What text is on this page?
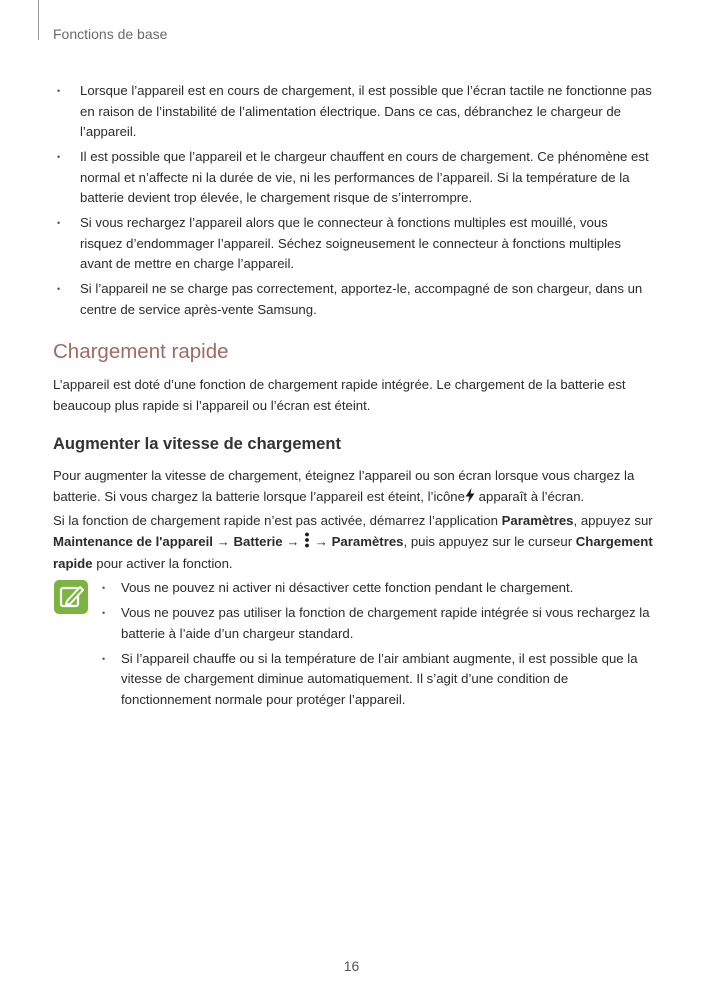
Fonctions de base
• Lorsque l’appareil est en cours de chargement, il est possible que l’écran tactile ne fonctionne pas en raison de l’instabilité de l’alimentation électrique. Dans ce cas, débranchez le chargeur de l’appareil.
• Il est possible que l’appareil et le chargeur chauffent en cours de chargement. Ce phénomène est normal et n’affecte ni la durée de vie, ni les performances de l’appareil. Si la température de la batterie devient trop élevée, le chargement risque de s’interrompre.
• Si vous rechargez l’appareil alors que le connecteur à fonctions multiples est mouillé, vous risquez d’endommager l’appareil. Séchez soigneusement le connecteur à fonctions multiples avant de mettre en charge l’appareil.
• Si l’appareil ne se charge pas correctement, apportez-le, accompagné de son chargeur, dans un centre de service après-vente Samsung.
Chargement rapide

L’appareil est doté d’une fonction de chargement rapide intégrée. Le chargement de la batterie est beaucoup plus rapide si l’appareil ou l’écran est éteint.

Augmenter la vitesse de chargement

Pour augmenter la vitesse de chargement, éteignez l’appareil ou son écran lorsque vous chargez la batterie. Si vous chargez la batterie lorsque l’appareil est éteint, l’icône apparaît à l’écran.

Si la fonction de chargement rapide n’est pas activée, démarrez l’application Paramètres, appuyez sur Maintenance de l'appareil → Batterie →  → Paramètres, puis appuyez sur le curseur Chargement rapide pour activer la fonction.

• Vous ne pouvez ni activer ni désactiver cette fonction pendant le chargement.
• Vous ne pouvez pas utiliser la fonction de chargement rapide intégrée si vous rechargez la batterie à l’aide d’un chargeur standard.
• Si l’appareil chauffe ou si la température de l’air ambiant augmente, il est possible que la vitesse de chargement diminue automatiquement. Il s’agit d’une condition de fonctionnement normale pour protéger l’appareil.
16
